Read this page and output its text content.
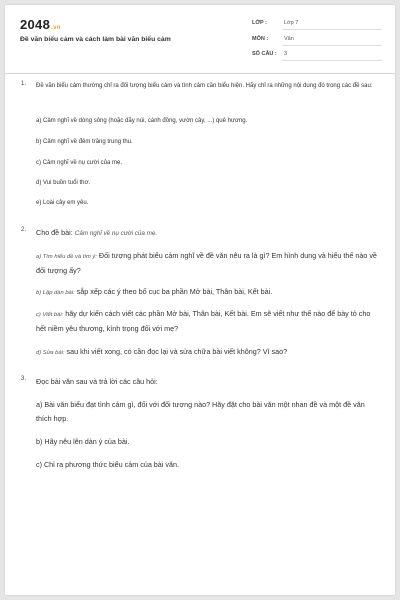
2048.vn
Đề văn biểu cảm và cách làm bài văn biểu cảm
LỚP :	Lớp 7
MÔN :	Văn
SỐ CÂU : 3
1. Đề văn biểu cảm thường chỉ ra đối tượng biểu cảm và tình cảm cần biểu hiện. Hãy chỉ ra những nội dung đó trong các đề sau:
a) Cảm nghĩ về dòng sông (hoặc dãy núi, cánh đồng, vườn cây, ...) quê hương.
b) Cảm nghĩ về đêm trăng trung thu.
c) Cảm nghĩ về nụ cười của mẹ.
d) Vui buồn tuổi thơ.
e) Loài cây em yêu.
2. Cho đề bài: Cảm nghĩ về nụ cười của mẹ.
a) Tìm hiểu đề và tìm ý: Đối tượng phát biểu cảm nghĩ về đề văn nêu ra là gì? Em hình dung và hiểu thế nào về đối tượng ấy?
b) Lập dàn bài: sắp xếp các ý theo bố cục ba phần Mở bài, Thân bài, Kết bài.
c) Viết bài: hãy dự kiến cách viết các phần Mở bài, Thân bài, Kết bài. Em sẽ viết như thế nào để bày tỏ cho hết niềm yêu thương, kính trọng đối với mẹ?
d) Sửa bài: sau khi viết xong, có cần đọc lại và sửa chữa bài viết không? Vì sao?
3. Đọc bài văn sau và trả lời các câu hỏi:
a) Bài văn biểu đạt tình cảm gì, đối với đối tượng nào? Hãy đặt cho bài văn một nhan đề và một đề văn thích hợp.
b) Hãy nêu lên dàn ý của bài.
c) Chỉ ra phương thức biểu cảm của bài văn.
